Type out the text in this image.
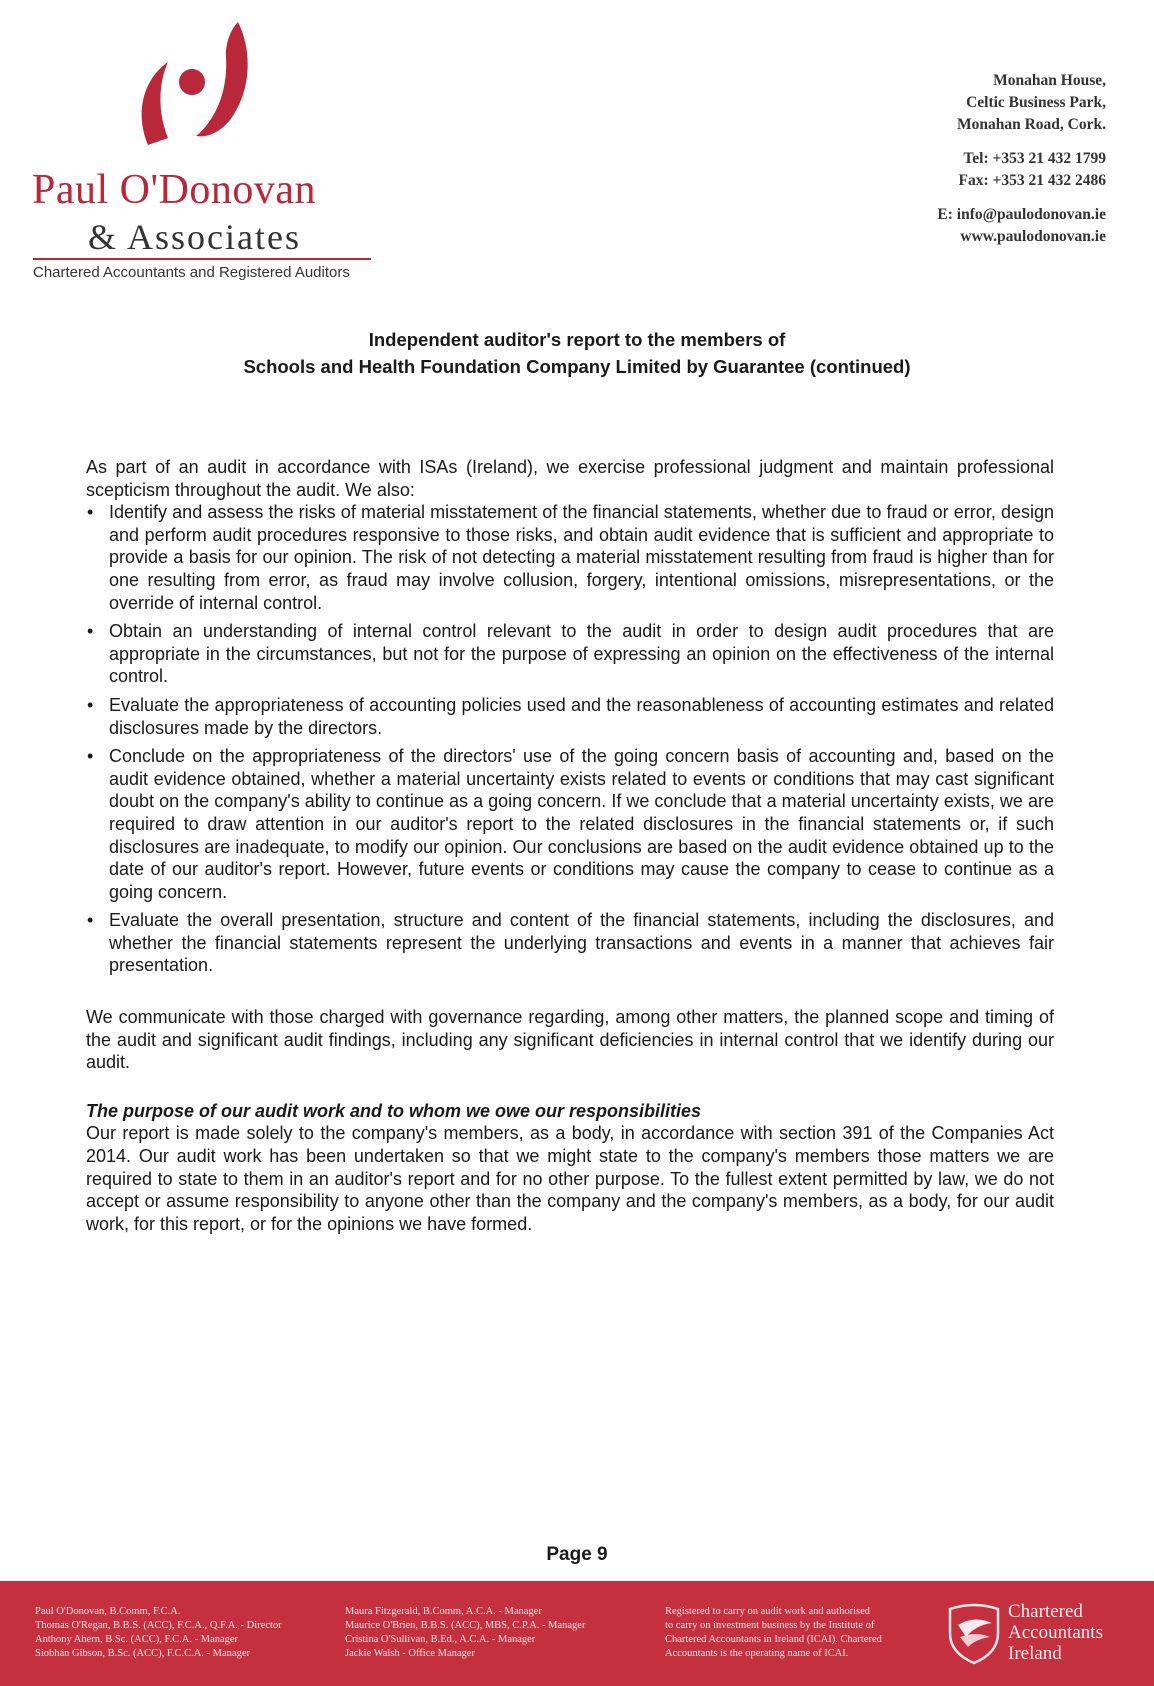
Paul O'Donovan
& Associates
Chartered Accountants and Registered Auditors
Monahan House,
Celtic Business Park,
Monahan Road, Cork.
Tel: +353 21 432 1799
Fax: +353 21 432 2486
E: info@paulodonovan.ie
www.paulodonovan.ie
Independent auditor's report to the members of
Schools and Health Foundation Company Limited by Guarantee (continued)

As part of an audit in accordance with ISAs (Ireland), we exercise professional judgment and maintain professional scepticism throughout the audit. We also:

• Identify and assess the risks of material misstatement of the financial statements, whether due to fraud or error, design and perform audit procedures responsive to those risks, and obtain audit evidence that is sufficient and appropriate to provide a basis for our opinion. The risk of not detecting a material misstatement resulting from fraud is higher than for one resulting from error, as fraud may involve collusion, forgery, intentional omissions, misrepresentations, or the override of internal control.
• Obtain an understanding of internal control relevant to the audit in order to design audit procedures that are appropriate in the circumstances, but not for the purpose of expressing an opinion on the effectiveness of the internal control.
• Evaluate the appropriateness of accounting policies used and the reasonableness of accounting estimates and related disclosures made by the directors.
• Conclude on the appropriateness of the directors' use of the going concern basis of accounting and, based on the audit evidence obtained, whether a material uncertainty exists related to events or conditions that may cast significant doubt on the company's ability to continue as a going concern. If we conclude that a material uncertainty exists, we are required to draw attention in our auditor's report to the related disclosures in the financial statements or, if such disclosures are inadequate, to modify our opinion. Our conclusions are based on the audit evidence obtained up to the date of our auditor's report. However, future events or conditions may cause the company to cease to continue as a going concern.
• Evaluate the overall presentation, structure and content of the financial statements, including the disclosures, and whether the financial statements represent the underlying transactions and events in a manner that achieves fair presentation.

We communicate with those charged with governance regarding, among other matters, the planned scope and timing of the audit and significant audit findings, including any significant deficiencies in internal control that we identify during our audit.

The purpose of our audit work and to whom we owe our responsibilities

Our report is made solely to the company's members, as a body, in accordance with section 391 of the Companies Act 2014. Our audit work has been undertaken so that we might state to the company's members those matters we are required to state to them in an auditor's report and for no other purpose. To the fullest extent permitted by law, we do not accept or assume responsibility to anyone other than the company and the company's members, as a body, for our audit work, for this report, or for the opinions we have formed.

Page 9
Paul O'Donovan, B.Comm, F.C.A.
Thomas O'Regan, B.B.S. (ACC), F.C.A., Q.F.A. - Director
Anthony Ahern, B.Sc. (ACC), F.C.A. - Manager
Siobhán Gibson, B.Sc. (ACC), F.C.C.A. - Manager
Maura Fitzgerald, B.Comm, A.C.A. - Manager
Maurice O'Brien, B.B.S. (ACC), MBS, C.P.A. - Manager
Cristina O'Sullivan, B.Ed., A.C.A. - Manager
Jackie Walsh - Office Manager
Registered to carry on audit work and authorised
to carry on investment business by the Institute of
Chartered Accountants in Ireland (ICAI). Chartered
Accountants is the operating name of ICAI.
Chartered
Accountants
Ireland
